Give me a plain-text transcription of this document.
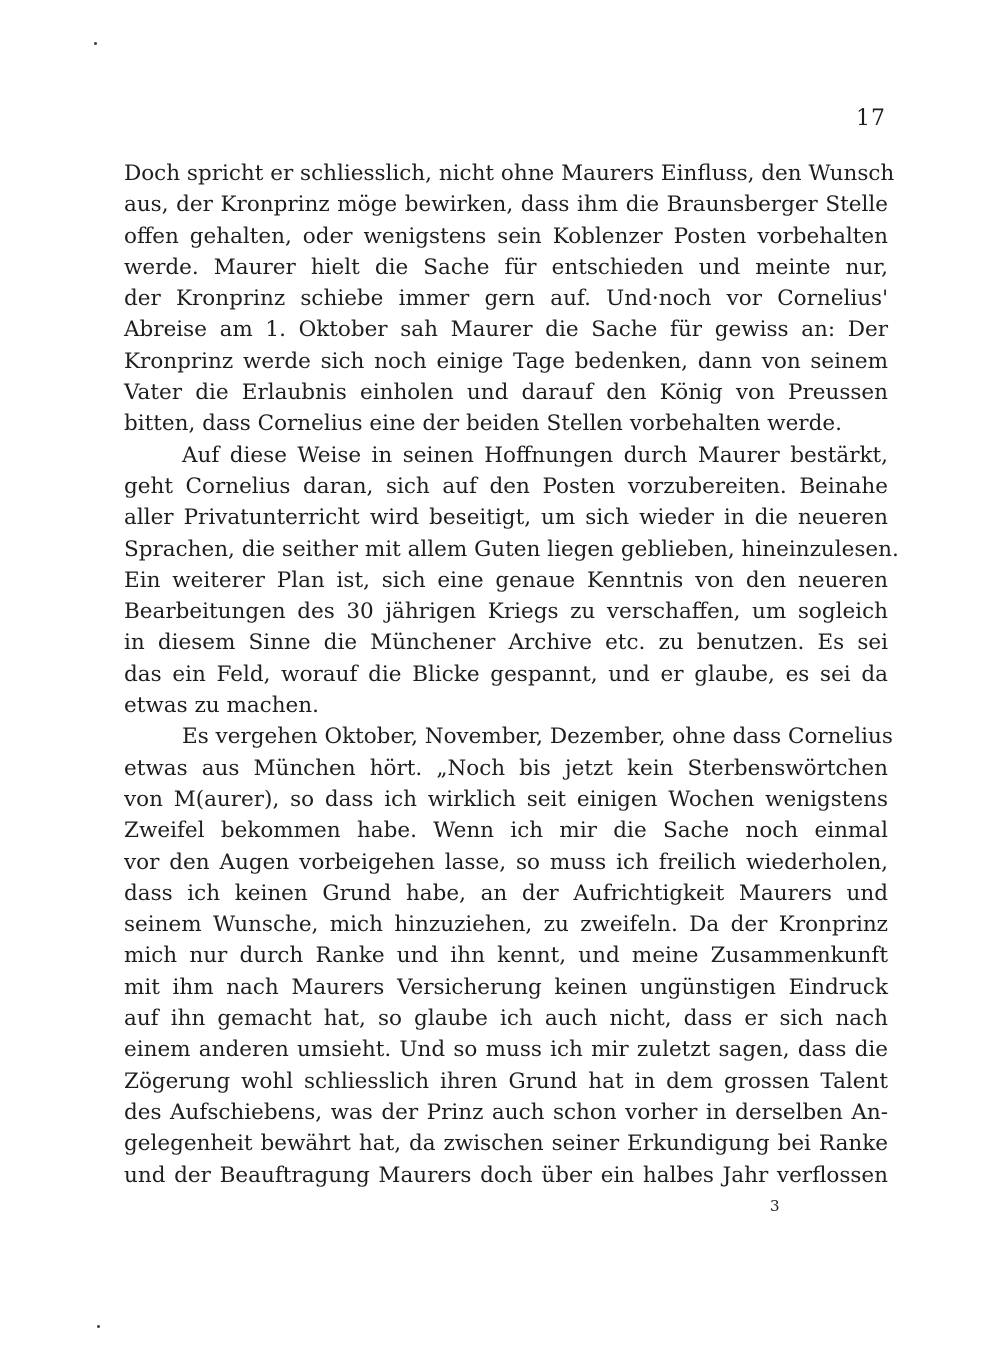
17
Doch spricht er schliesslich, nicht ohne Maurers Einfluss, den Wunsch
aus, der Kronprinz möge bewirken, dass ihm die Braunsberger Stelle
offen gehalten, oder wenigstens sein Koblenzer Posten vorbehalten
werde. Maurer hielt die Sache für entschieden und meinte nur,
der Kronprinz schiebe immer gern auf. Und·noch vor Cornelius'
Abreise am 1. Oktober sah Maurer die Sache für gewiss an: Der
Kronprinz werde sich noch einige Tage bedenken, dann von seinem
Vater die Erlaubnis einholen und darauf den König von Preussen
bitten, dass Cornelius eine der beiden Stellen vorbehalten werde.
Auf diese Weise in seinen Hoffnungen durch Maurer bestärkt,
geht Cornelius daran, sich auf den Posten vorzubereiten. Beinahe
aller Privatunterricht wird beseitigt, um sich wieder in die neueren
Sprachen, die seither mit allem Guten liegen geblieben, hineinzulesen.
Ein weiterer Plan ist, sich eine genaue Kenntnis von den neueren
Bearbeitungen des 30 jährigen Kriegs zu verschaffen, um sogleich
in diesem Sinne die Münchener Archive etc. zu benutzen. Es sei
das ein Feld, worauf die Blicke gespannt, und er glaube, es sei da
etwas zu machen.
Es vergehen Oktober, November, Dezember, ohne dass Cornelius
etwas aus München hört. „Noch bis jetzt kein Sterbenswörtchen
von M(aurer), so dass ich wirklich seit einigen Wochen wenigstens
Zweifel bekommen habe. Wenn ich mir die Sache noch einmal
vor den Augen vorbeigehen lasse, so muss ich freilich wiederholen,
dass ich keinen Grund habe, an der Aufrichtigkeit Maurers und
seinem Wunsche, mich hinzuziehen, zu zweifeln. Da der Kronprinz
mich nur durch Ranke und ihn kennt, und meine Zusammenkunft
mit ihm nach Maurers Versicherung keinen ungünstigen Eindruck
auf ihn gemacht hat, so glaube ich auch nicht, dass er sich nach
einem anderen umsieht. Und so muss ich mir zuletzt sagen, dass die
Zögerung wohl schliesslich ihren Grund hat in dem grossen Talent
des Aufschiebens, was der Prinz auch schon vorher in derselben An-
gelegenheit bewährt hat, da zwischen seiner Erkundigung bei Ranke
und der Beauftragung Maurers doch über ein halbes Jahr verflossen
3
